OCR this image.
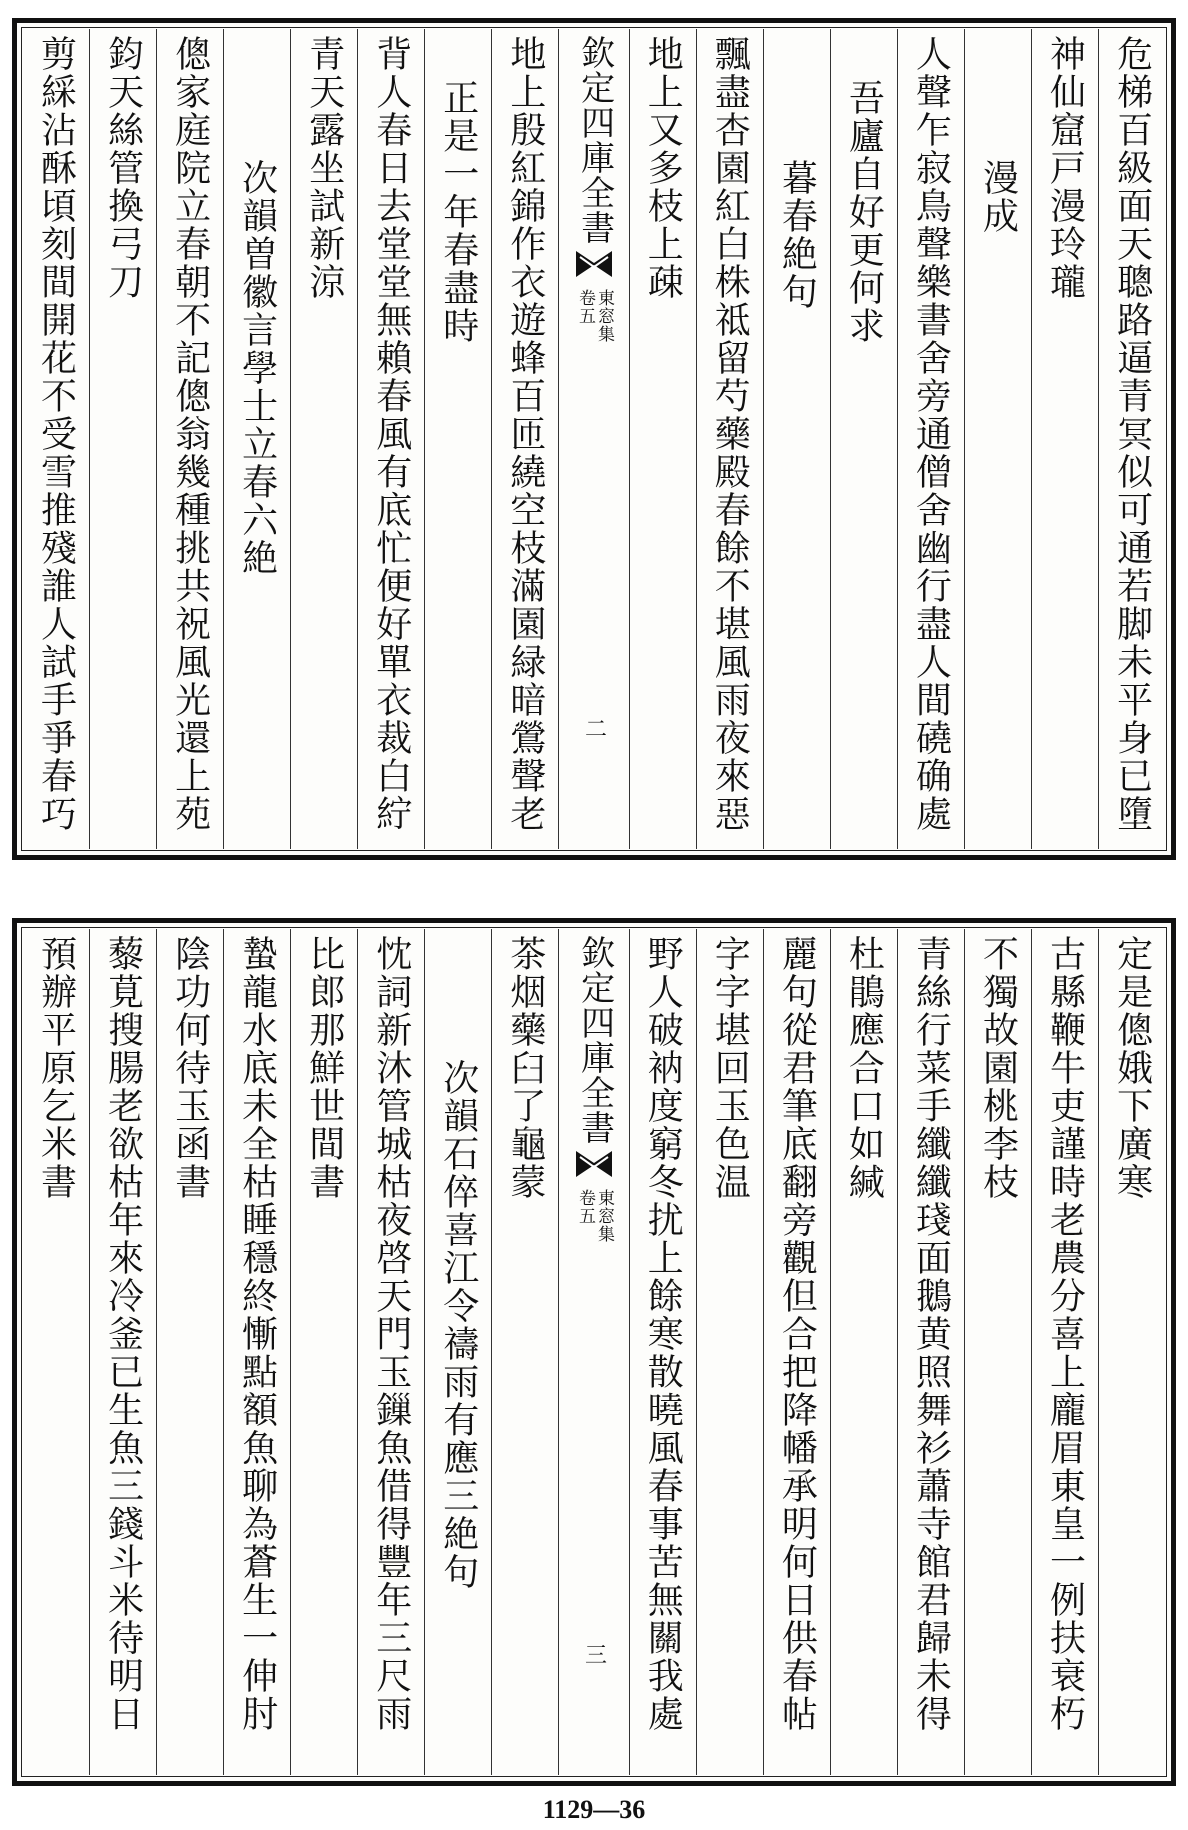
危梯百級面天聰路逼青冥似可通若脚未平身已墮
神仙窟戸漫玲瓏
漫成
人聲乍寂鳥聲樂書舍旁通僧舍幽行盡人間磽确處
吾廬自好更何求
暮春絶句
飄盡杏園紅白株祗留芍藥殿春餘不堪風雨夜來惡
地上又多枝上疎
欽定四庫全書
東窓集
卷五
二
地上殷紅錦作衣遊蜂百匝繞空枝滿園緑暗鶯聲老
正是一年春盡時
背人春日去堂堂無賴春風有底忙便好單衣裁白紵
青天露坐試新涼
次韻曽徽言學士立春六絶
傯家庭院立春朝不記傯翁幾種挑共祝風光還上苑
鈞天絲管換弓刀
剪綵沾酥頃刻間開花不受雪推殘誰人試手爭春巧
定是傯娥下廣寒
古縣鞭牛吏謹時老農分喜上龐眉東皇一例扶衰朽
不獨故園桃李枝
青絲行菜手纖纖琖面鵝黄照舞衫蕭寺館君歸未得
杜鵑應合口如緘
麗句從君筆底翻旁觀但合把降幡承明何日供春帖
字字堪回玉色温
野人破衲度窮冬扰上餘寒散曉風春事苦無關我處
欽定四庫全書
東窓集
卷五
三
茶烟藥臼了龜蒙
次韻石倅喜江令禱雨有應三絶句
忱詞新沐管城枯夜啓天門玉鏁魚借得豐年三尺雨
比郎那鮮世間書
蟄龍水底未全枯睡穩終慚點額魚聊為蒼生一伸肘
陰功何待玉函書
藜莧搜腸老欲枯年來冷釜已生魚三錢斗米待明日
預辦平原乞米書
1129—36
